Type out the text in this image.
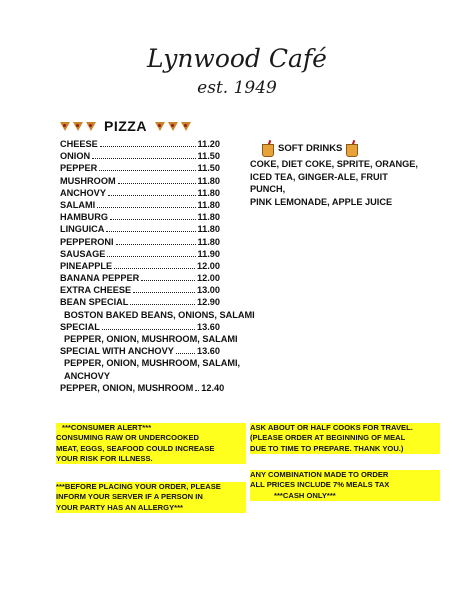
Lynwood Café
est. 1949
PIZZA
CHEESE	11.20
ONION	11.50
PEPPER	11.50
MUSHROOM	11.80
ANCHOVY	11.80
SALAMI	11.80
HAMBURG	11.80
LINGUICA	11.80
PEPPERONI	11.80
SAUSAGE	11.90
PINEAPPLE	12.00
BANANA PEPPER	12.00
EXTRA CHEESE	13.00
BEAN SPECIAL	12.90
BOSTON BAKED BEANS, ONIONS, SALAMI
SPECIAL	13.60
PEPPER, ONION, MUSHROOM, SALAMI
SPECIAL WITH ANCHOVY	13.60
PEPPER, ONION, MUSHROOM, SALAMI,
ANCHOVY
PEPPER, ONION, MUSHROOM 12.40
SOFT DRINKS
COKE, DIET COKE, SPRITE, ORANGE,
ICED TEA, GINGER-ALE, FRUIT PUNCH,
PINK LEMONADE, APPLE JUICE
***CONSUMER ALERT***
CONSUMING RAW OR UNDERCOOKED
MEAT, EGGS, SEAFOOD COULD INCREASE
YOUR RISK FOR ILLNESS.
***BEFORE PLACING YOUR ORDER, PLEASE
INFORM YOUR SERVER IF A PERSON IN
YOUR PARTY HAS AN ALLERGY***
ASK ABOUT OR HALF COOKS FOR TRAVEL.
(PLEASE ORDER AT BEGINNING OF MEAL
DUE TO TIME TO PREPARE. THANK YOU.)
ANY COMBINATION MADE TO ORDER
ALL PRICES INCLUDE 7% MEALS TAX
***CASH ONLY***
